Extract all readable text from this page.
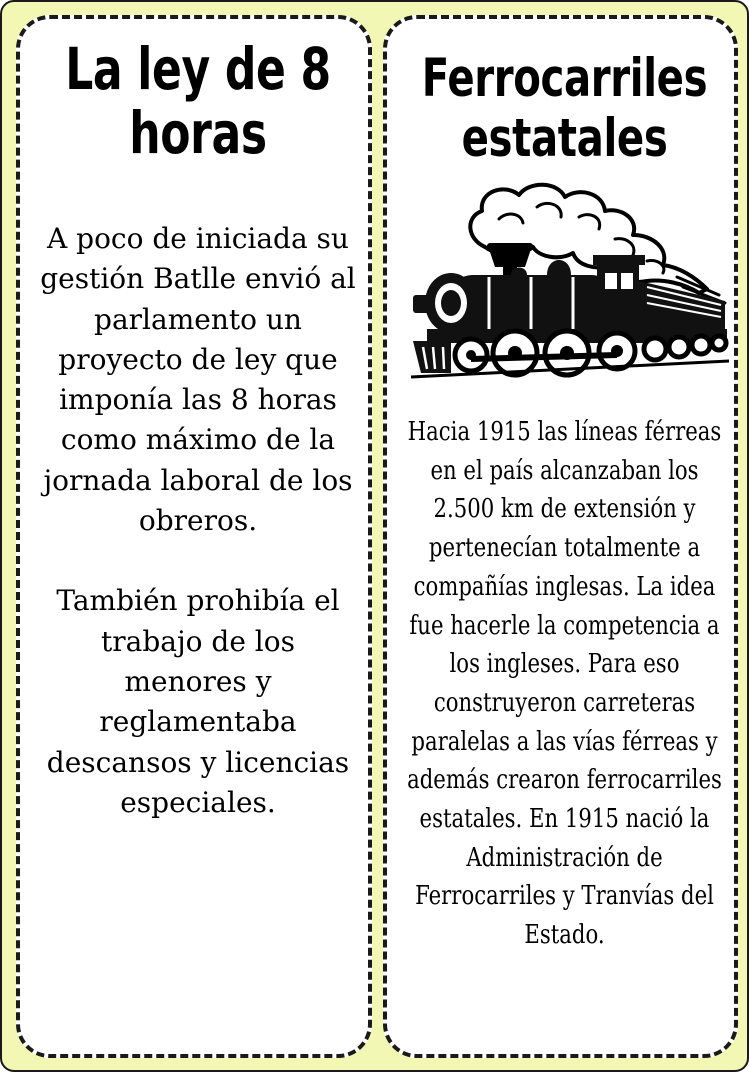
La ley de 8 horas

A poco de iniciada su gestión Batlle envió al parlamento un proyecto de ley que imponía las 8 horas como máximo de la jornada laboral de los obreros.

También prohibía el trabajo de los menores y reglamentaba descansos y licencias especiales.

Ferrocarriles estatales

Hacia 1915 las líneas férreas en el país alcanzaban los 2.500 km de extensión y pertenecían totalmente a compañías inglesas. La idea fue hacerle la competencia a los ingleses. Para eso construyeron carreteras paralelas a las vías férreas y además crearon ferrocarriles estatales. En 1915 nació la Administración de Ferrocarriles y Tranvías del Estado.
